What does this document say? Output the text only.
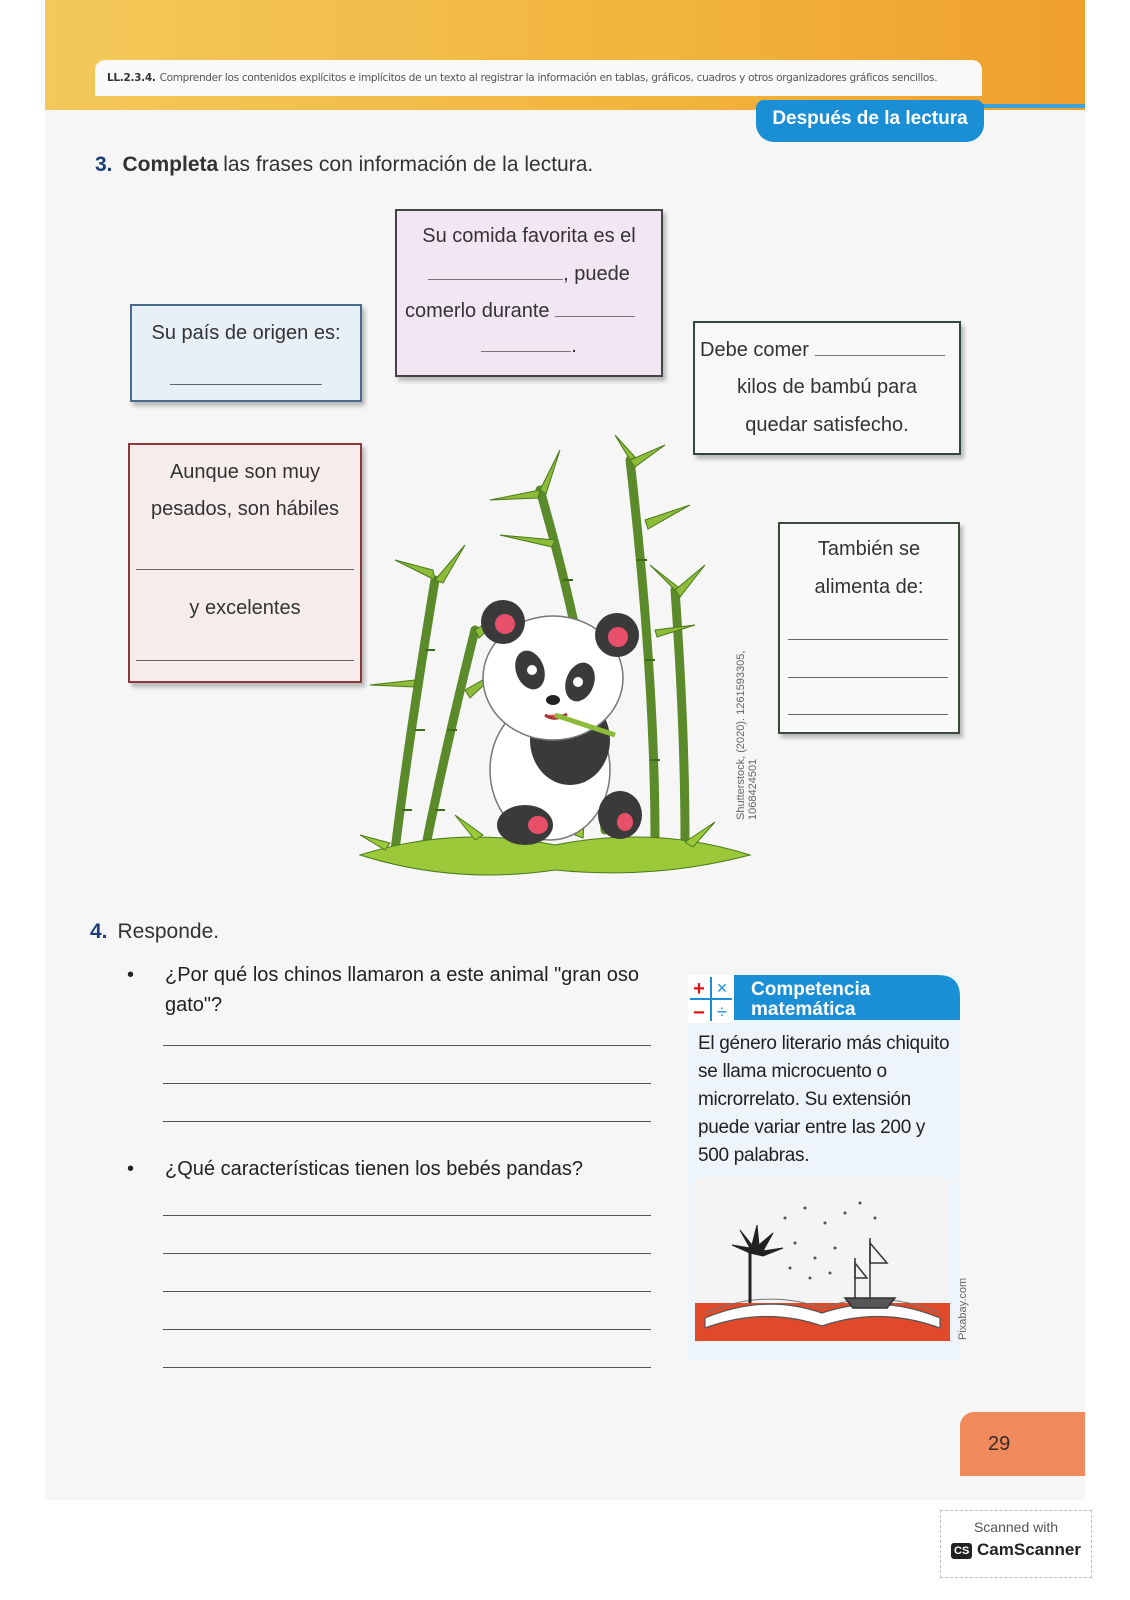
LL.2.3.4. Comprender los contenidos explícitos e implícitos de un texto al registrar la información en tablas, gráficos, cuadros y otros organizadores gráficos sencillos.
Después de la lectura
3. Completa las frases con información de la lectura.
Su comida favorita es el
, puede
comerlo durante
.
Su país de origen es:
Debe comer
kilos de bambú para
quedar satisfecho.
Aunque son muy
pesados, son hábiles
y excelentes
También se
alimenta de:
Shutterstock, (2020). 1261593305, 1068424501
4. Responde.
• ¿Por qué los chinos llamaron a este animal "gran oso gato"?
• ¿Qué características tienen los bebés pandas?
+ ×
− ÷
Competencia
matemática
El género literario más chiquito se llama microcuento o microrrelato. Su extensión puede variar entre las 200 y 500 palabras.
Pixabay.com
29
Scanned with
CS CamScanner
